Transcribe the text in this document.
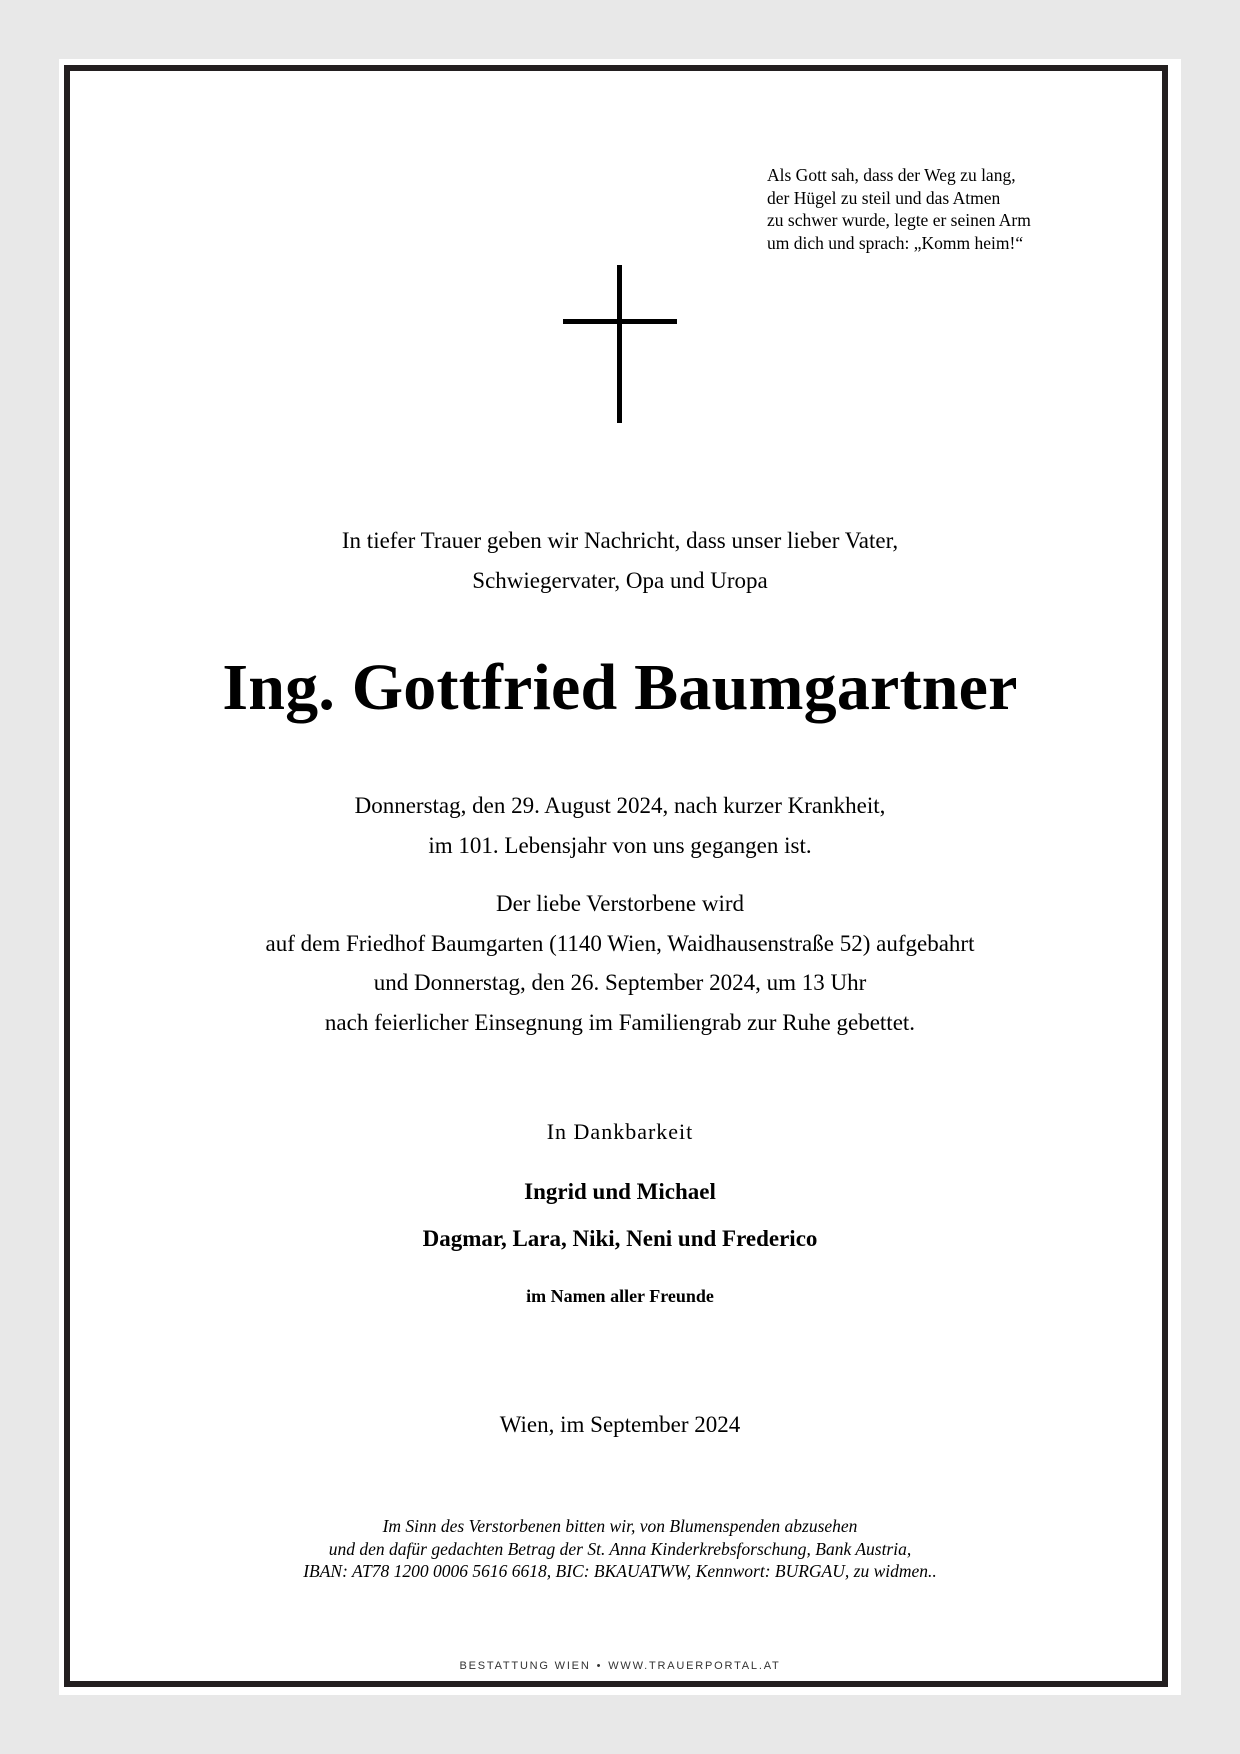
Als Gott sah, dass der Weg zu lang,
der Hügel zu steil und das Atmen
zu schwer wurde, legte er seinen Arm
um dich und sprach: „Komm heim!“
In tiefer Trauer geben wir Nachricht, dass unser lieber Vater,
Schwiegervater, Opa und Uropa
Ing. Gottfried Baumgartner
Donnerstag, den 29. August 2024, nach kurzer Krankheit,
im 101. Lebensjahr von uns gegangen ist.
Der liebe Verstorbene wird
auf dem Friedhof Baumgarten (1140 Wien, Waidhausenstraße 52) aufgebahrt
und Donnerstag, den 26. September 2024, um 13 Uhr
nach feierlicher Einsegnung im Familiengrab zur Ruhe gebettet.
In Dankbarkeit
Ingrid und Michael
Dagmar, Lara, Niki, Neni und Frederico
im Namen aller Freunde
Wien, im September 2024
Im Sinn des Verstorbenen bitten wir, von Blumenspenden abzusehen
und den dafür gedachten Betrag der St. Anna Kinderkrebsforschung, Bank Austria,
IBAN: AT78 1200 0006 5616 6618, BIC: BKAUATWW, Kennwort: BURGAU, zu widmen..
BESTATTUNG WIEN • WWW.TRAUERPORTAL.AT
